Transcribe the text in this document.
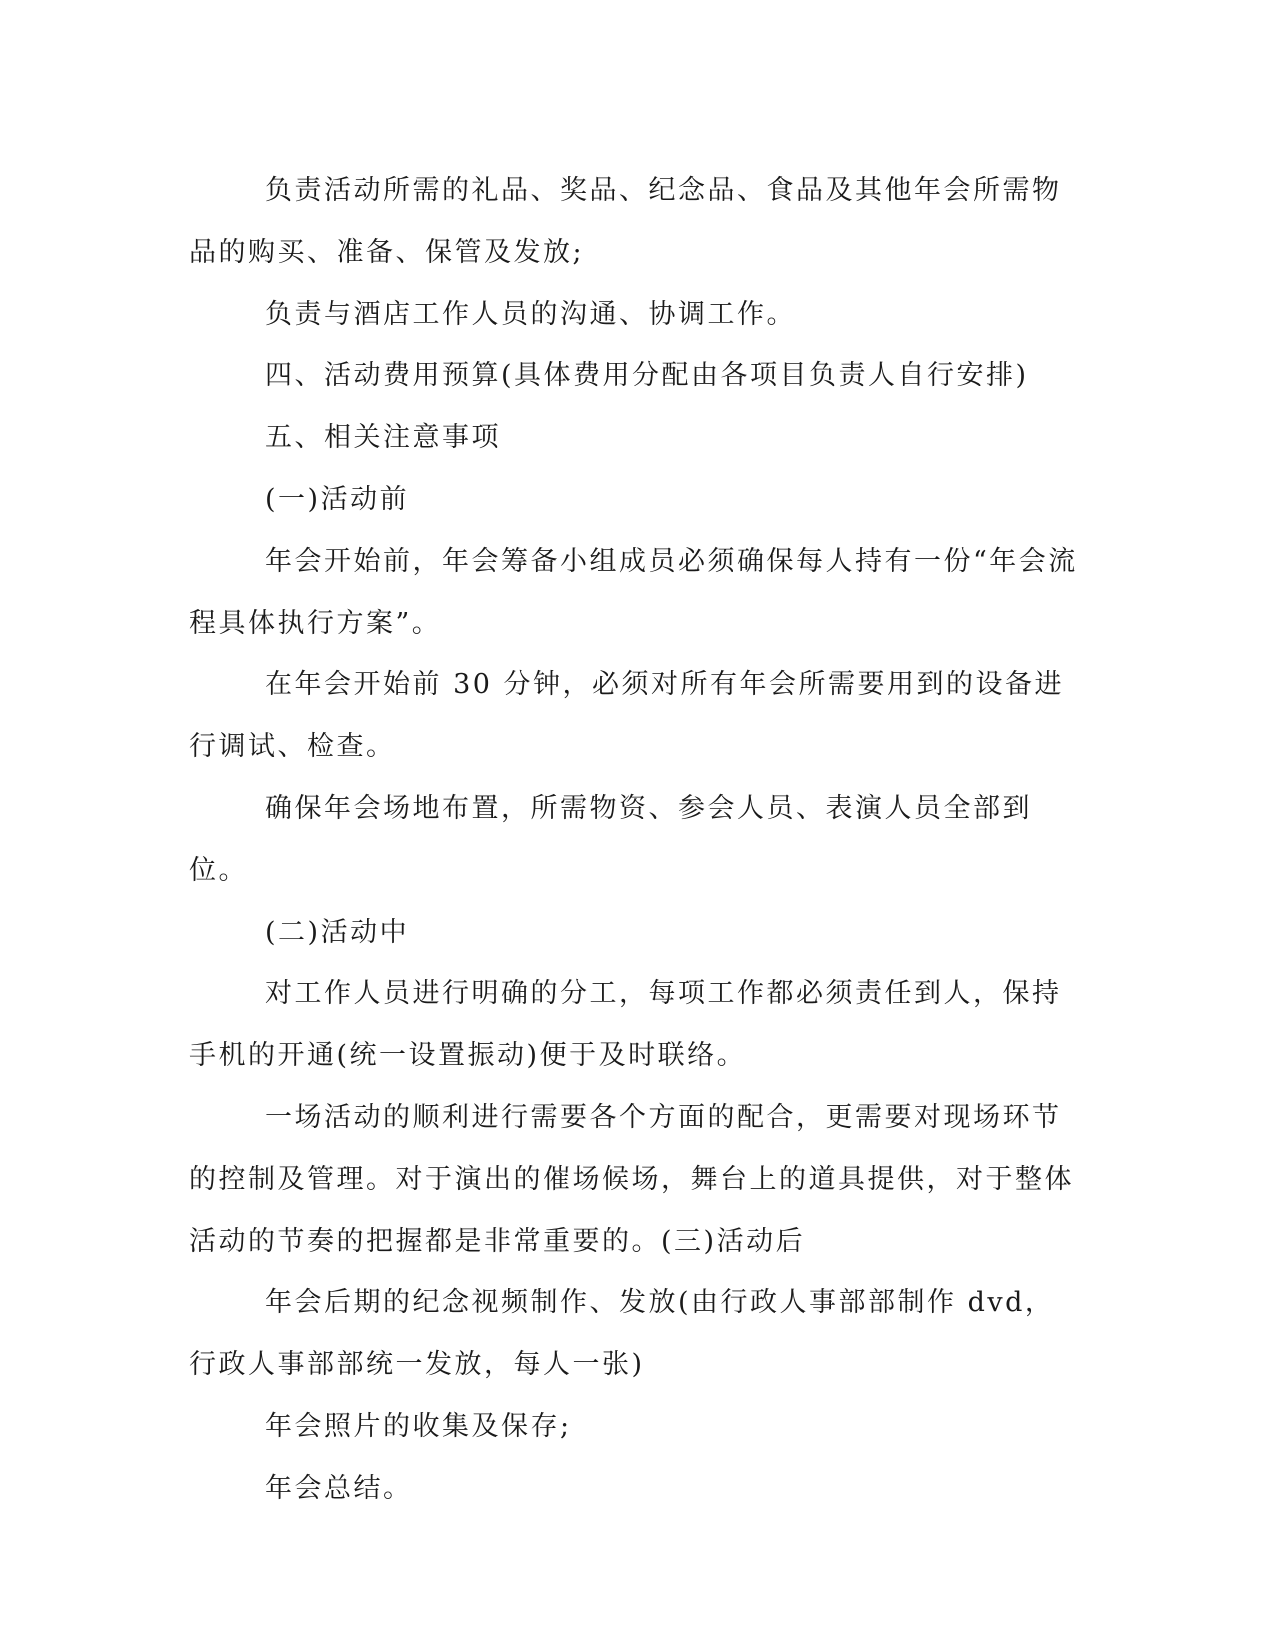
负责活动所需的礼品、奖品、纪念品、食品及其他年会所需物品的购买、准备、保管及发放;

负责与酒店工作人员的沟通、协调工作。

四、活动费用预算(具体费用分配由各项目负责人自行安排)

五、相关注意事项

(一)活动前

年会开始前，年会筹备小组成员必须确保每人持有一份“年会流程具体执行方案”。

在年会开始前 30 分钟，必须对所有年会所需要用到的设备进行调试、检查。

确保年会场地布置，所需物资、参会人员、表演人员全部到位。

(二)活动中

对工作人员进行明确的分工，每项工作都必须责任到人，保持手机的开通(统一设置振动)便于及时联络。

一场活动的顺利进行需要各个方面的配合，更需要对现场环节的控制及管理。对于演出的催场候场，舞台上的道具提供，对于整体活动的节奏的把握都是非常重要的。(三)活动后

年会后期的纪念视频制作、发放(由行政人事部部制作 dvd，行政人事部部统一发放，每人一张)

年会照片的收集及保存;

年会总结。
